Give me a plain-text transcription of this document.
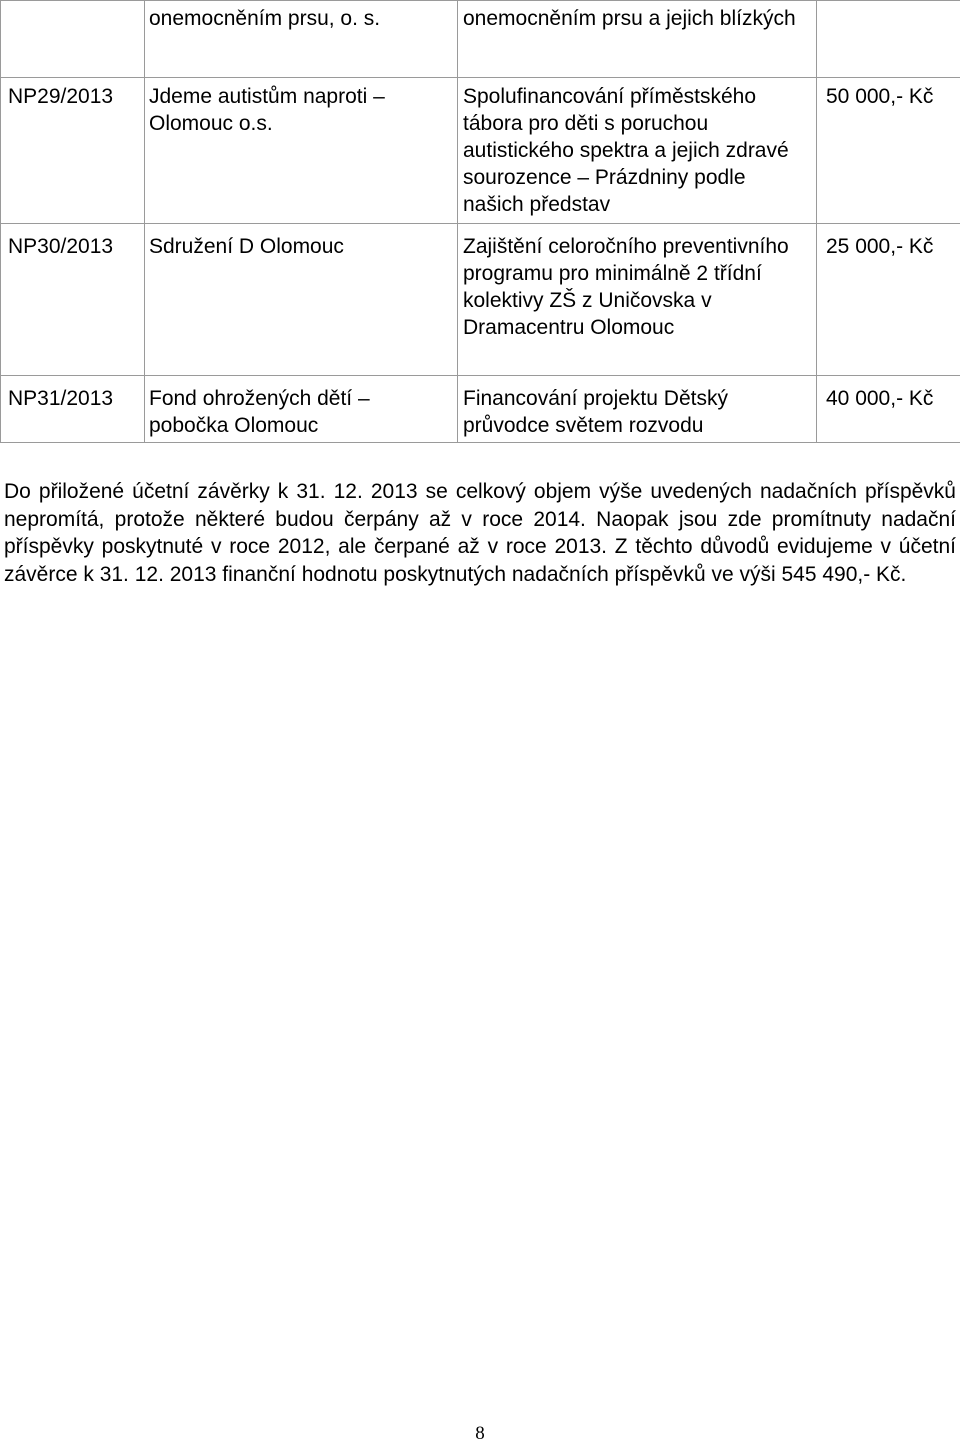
	onemocněním prsu, o. s.	onemocněním prsu a jejich blízkých	

NP29/2013	Jdeme autistům naproti – Olomouc o.s.	Spolufinancování příměstského tábora pro děti s poruchou autistického spektra a jejich zdravé sourozence – Prázdniny podle našich představ	50 000,- Kč

NP30/2013	Sdružení D Olomouc	Zajištění celoročního preventivního programu pro minimálně 2 třídní kolektivy ZŠ z Uničovska v Dramacentru Olomouc	25 000,- Kč
NP31/2013	Fond ohrožených dětí – pobočka Olomouc	Financování projektu Dětský průvodce světem rozvodu	40 000,- Kč

Do přiložené účetní závěrky k 31. 12. 2013 se celkový objem výše uvedených nadačních příspěvků nepromítá, protože některé budou čerpány až v roce 2014. Naopak jsou zde promítnuty nadační příspěvky poskytnuté v roce 2012, ale čerpané až v roce 2013. Z těchto důvodů evidujeme v účetní závěrce k 31. 12. 2013 finanční hodnotu poskytnutých nadačních příspěvků ve výši 545 490,- Kč.

8
